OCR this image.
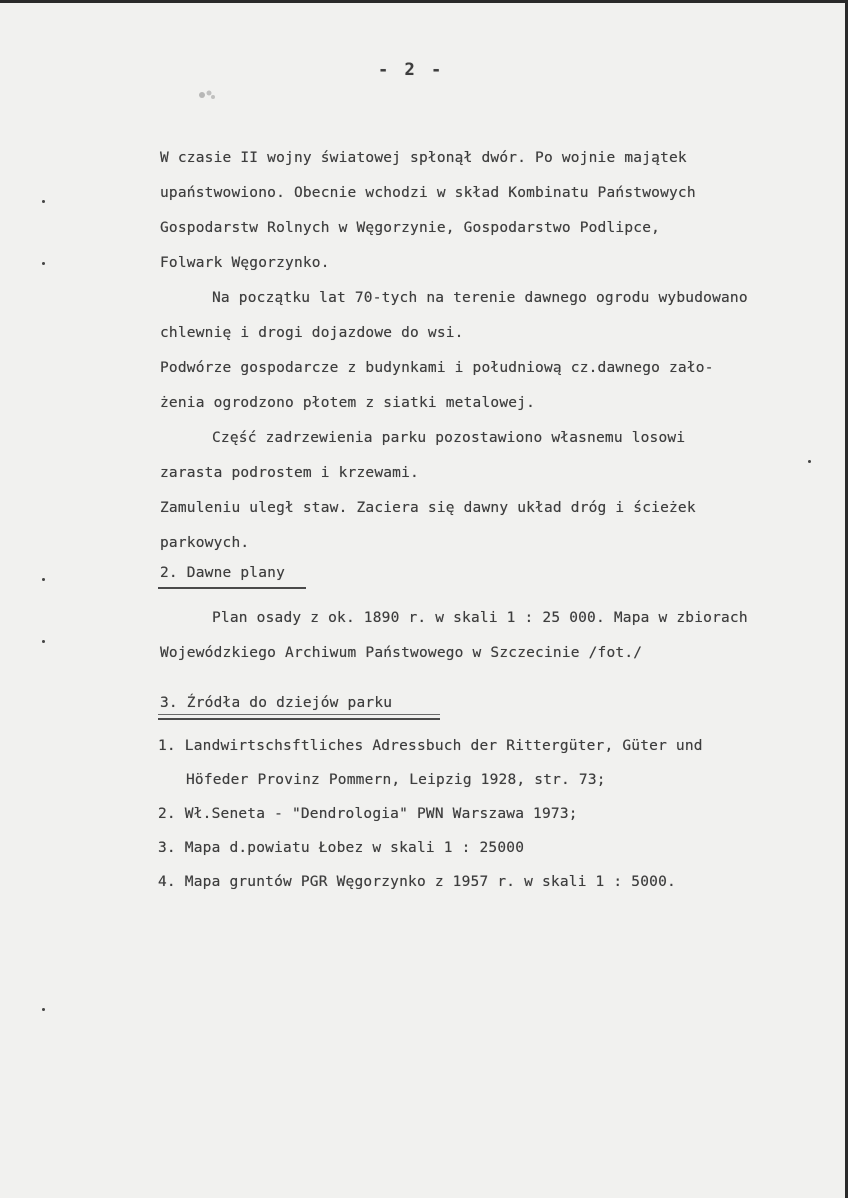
- 2 -
W czasie II wojny światowej spłonął dwór. Po wojnie majątek
upaństwowiono. Obecnie wchodzi w skład Kombinatu Państwowych
Gospodarstw Rolnych w Węgorzynie, Gospodarstwo Podlipce,
Folwark Węgorzynko.
Na początku lat 70-tych na terenie dawnego ogrodu wybudowano
chlewnię i drogi dojazdowe do wsi.
Podwórze gospodarcze z budynkami i południową cz.dawnego zało-
żenia ogrodzono płotem z siatki metalowej.
Część zadrzewienia parku pozostawiono własnemu losowi
zarasta podrostem i krzewami.
Zamuleniu uległ staw. Zaciera się dawny układ dróg i ścieżek
parkowych.
2. Dawne plany
Plan osady z ok. 1890 r. w skali 1 : 25 000. Mapa w zbiorach
Wojewódzkiego Archiwum Państwowego w Szczecinie /fot./
3. Źródła do dziejów parku
1. Landwirtschsftliches Adressbuch der Rittergüter, Güter und
Höfeder Provinz Pommern, Leipzig 1928, str. 73;
2. Wł.Seneta - "Dendrologia" PWN Warszawa 1973;
3. Mapa d.powiatu Łobez w skali 1 : 25000
4. Mapa gruntów PGR Węgorzynko z 1957 r. w skali 1 : 5000.
